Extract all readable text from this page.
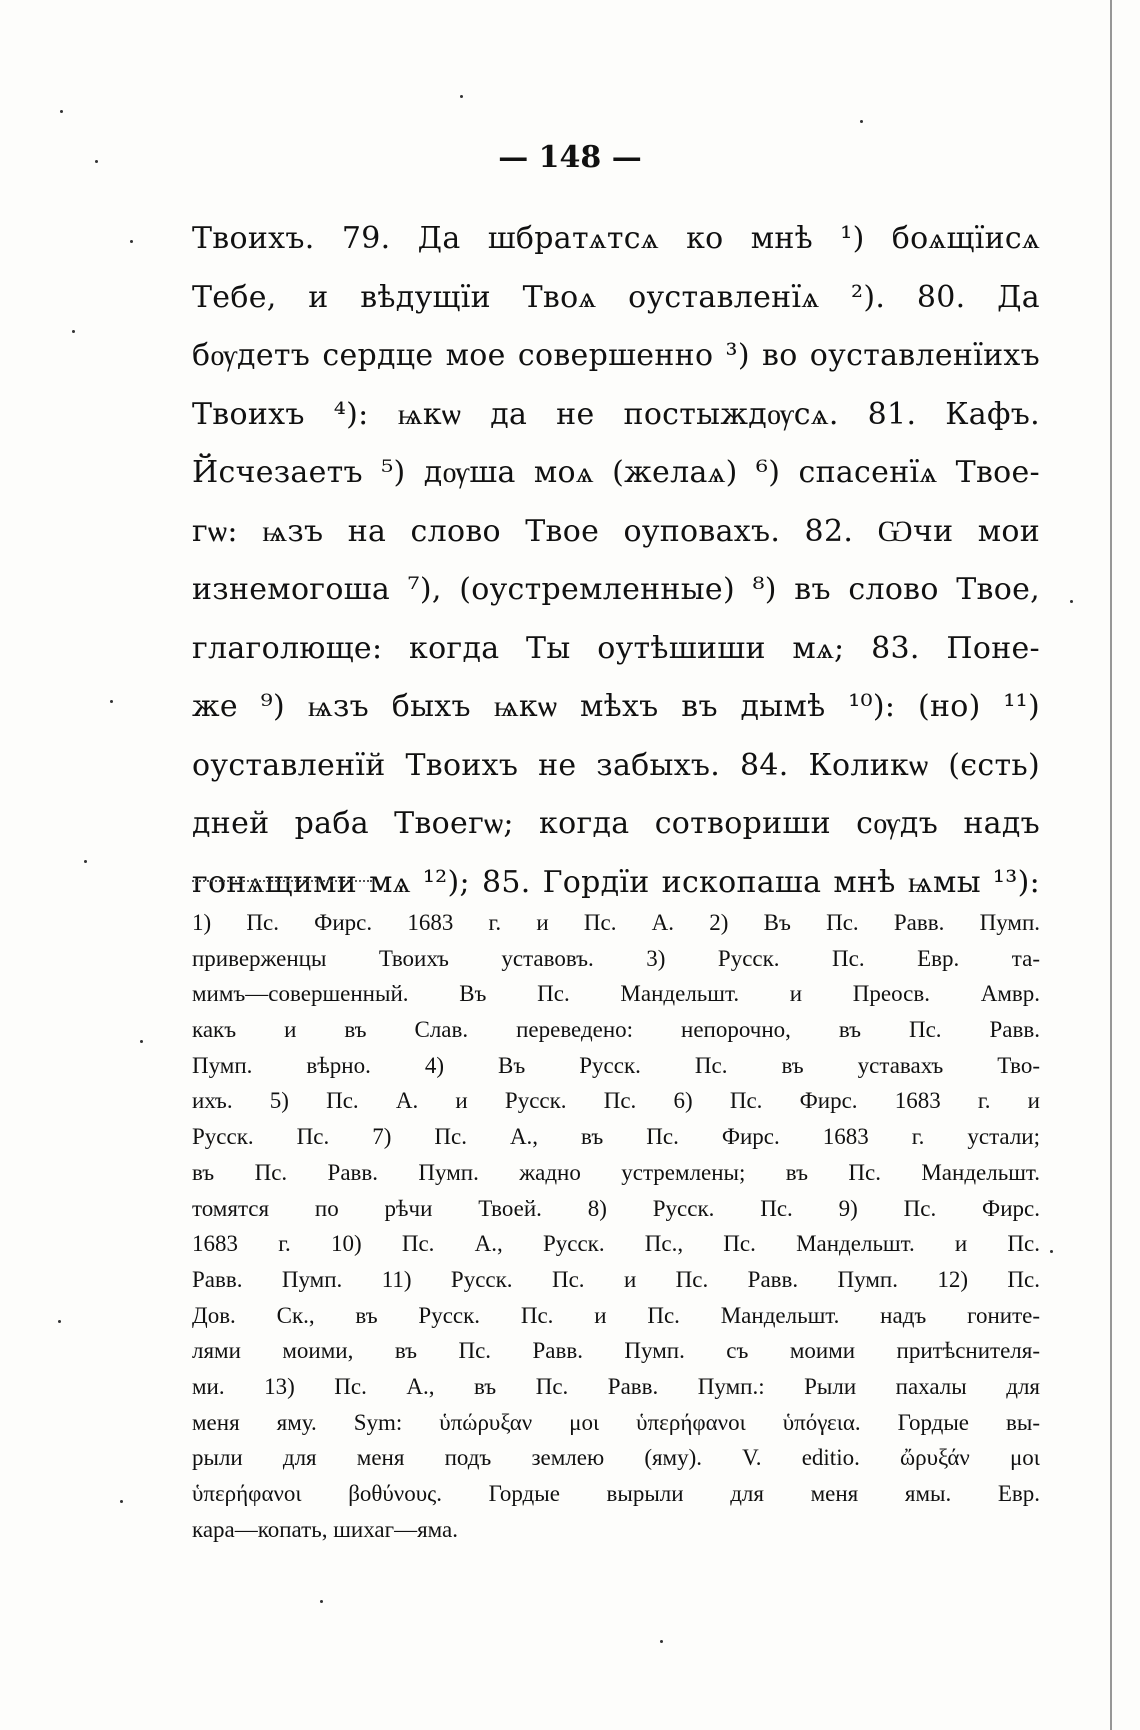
— 148 —
Твоихъ. 79. Да шбратѧтсѧ ко мнѣ ¹) боѧщїисѧ
Тебе, и вѣдущїи Твоѧ оуставленїѧ ²). 80. Да
бѹдетъ сердце мое совершенно ³) во оуставленїихъ
Твоихъ ⁴): ѩкѡ да не постыждѹсѧ. 81. Кафъ.
Йсчезаетъ ⁵) дѹша моѧ (желаѧ) ⁶) спасенїѧ Твое-
гѡ: ѩзъ на слово Твое оуповахъ. 82. Ѡчи мои
изнемогоша ⁷), (оустремленные) ⁸) въ слово Твое,
глаголюще: когда Ты оутѣшиши мѧ; 83. Поне-
же ⁹) ѩзъ быхъ ѩкѡ мѣхъ въ дымѣ ¹⁰): (но) ¹¹)
оуставленїй Твоихъ не забыхъ. 84. Коликѡ (єсть)
дней раба Твоегѡ; когда сотвориши сѹдъ надъ
гонѧщими мѧ ¹²); 85. Гордїи ископаша мнѣ ѩмы ¹³):
1) Пс. Фирс. 1683 г. и Пс. А. 2) Въ Пс. Равв. Пумп.
приверженцы Твоихъ уставовъ. 3) Русск. Пс. Евр. та-
мимъ—совершенный. Въ Пс. Мандельшт. и Преосв. Амвр.
какъ и въ Слав. переведено: непорочно, въ Пс. Равв.
Пумп. вѣрно. 4) Въ Русск. Пс. въ уставахъ Тво-
ихъ. 5) Пс. А. и Русск. Пс. 6) Пс. Фирс. 1683 г. и
Русск. Пс. 7) Пс. А., въ Пс. Фирс. 1683 г. устали;
въ Пс. Равв. Пумп. жадно устремлены; въ Пс. Мандельшт.
томятся по рѣчи Твоей. 8) Русск. Пс. 9) Пс. Фирс.
1683 г. 10) Пс. А., Русск. Пс., Пс. Мандельшт. и Пс.
Равв. Пумп. 11) Русск. Пс. и Пс. Равв. Пумп. 12) Пс.
Дов. Ск., въ Русск. Пс. и Пс. Мандельшт. надъ гоните-
лями моими, въ Пс. Равв. Пумп. съ моими притѣснителя-
ми. 13) Пс. А., въ Пс. Равв. Пумп.: Рыли пахалы для
меня яму. Sym: ὑπώρυξαν μοι ὑπερήφανοι ὑπόγεια. Гордые вы-
рыли для меня подъ землею (яму). V. editio. ὤρυξάν μοι
ὑπερήφανοι βοθύνους. Гордые вырыли для меня ямы. Евр.
кара—копать, шихаг—яма.
